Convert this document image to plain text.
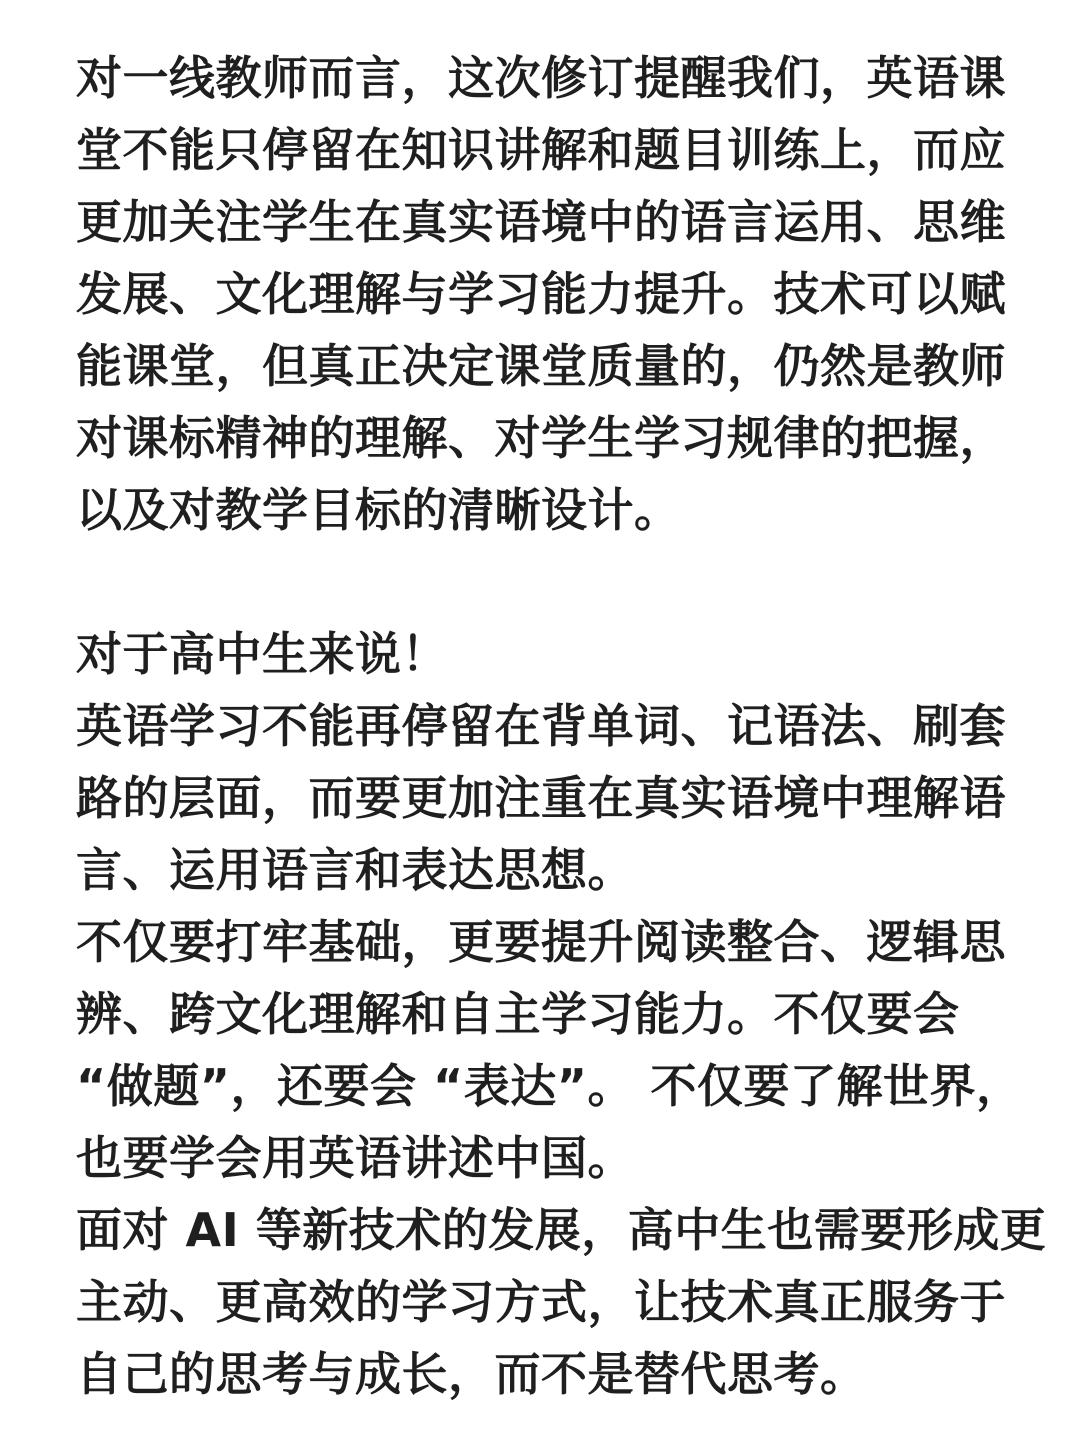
对一线教师而言，这次修订提醒我们，英语课
堂不能只停留在知识讲解和题目训练上，而应
更加关注学生在真实语境中的语言运用、思维
发展、文化理解与学习能力提升。技术可以赋
能课堂，但真正决定课堂质量的，仍然是教师
对课标精神的理解、对学生学习规律的把握，
以及对教学目标的清晰设计。
对于高中生来说！
英语学习不能再停留在背单词、记语法、刷套
路的层面，而要更加注重在真实语境中理解语
言、运用语言和表达思想。
不仅要打牢基础，更要提升阅读整合、逻辑思
辨、跨文化理解和自主学习能力。不仅要会
“做题”，还要会 “表达”。 不仅要了解世界，
也要学会用英语讲述中国。
面对 AI 等新技术的发展，高中生也需要形成更
主动、更高效的学习方式，让技术真正服务于
自己的思考与成长，而不是替代思考。
